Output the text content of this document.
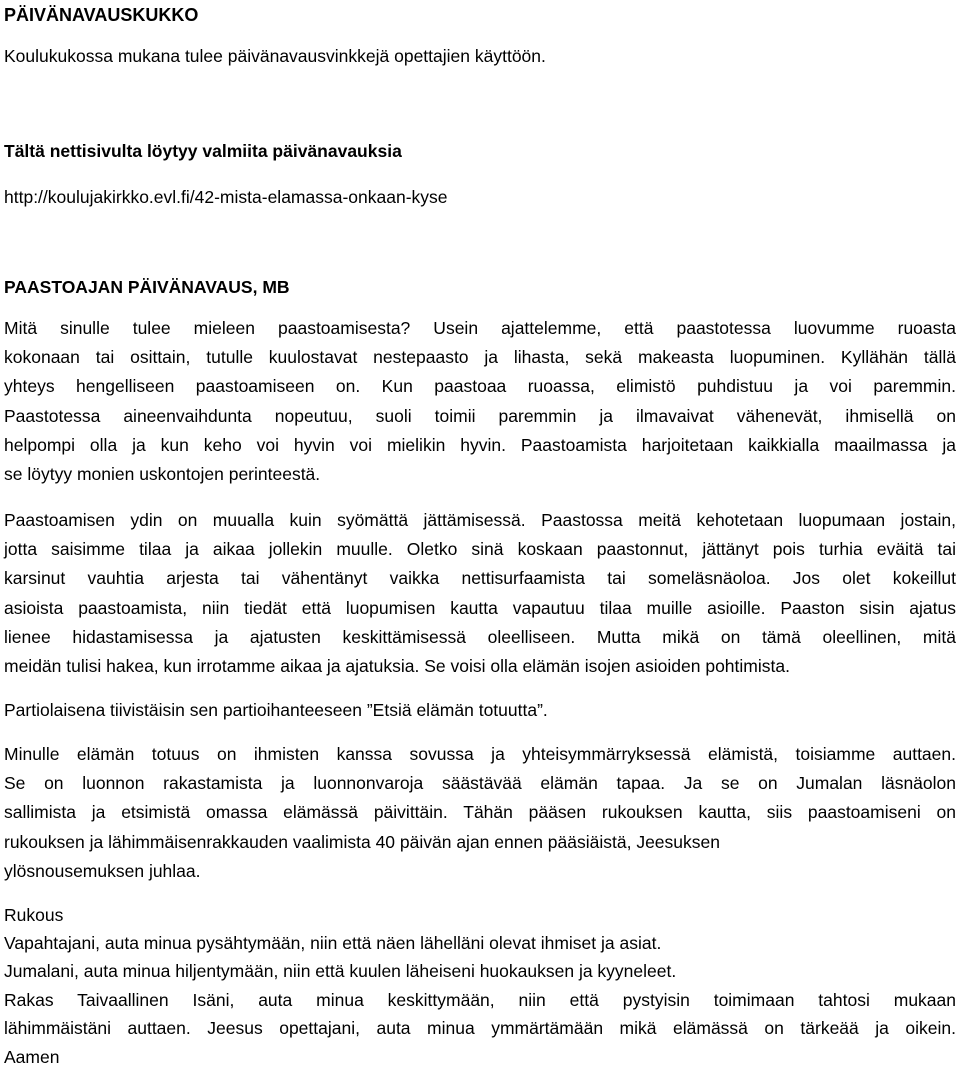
PÄIVÄNAVAUSKUKKO
Koulukukossa mukana tulee päivänavausvinkkejä opettajien käyttöön.
Tältä nettisivulta löytyy valmiita päivänavauksia
http://koulujakirkko.evl.fi/42-mista-elamassa-onkaan-kyse
PAASTOAJAN PÄIVÄNAVAUS, MB
Mitä sinulle tulee mieleen paastoamisesta? Usein ajattelemme, että paastotessa luovumme ruoasta
kokonaan tai osittain, tutulle kuulostavat nestepaasto ja lihasta, sekä makeasta luopuminen. Kyllähän tällä
yhteys hengelliseen paastoamiseen on. Kun paastoaa ruoassa, elimistö puhdistuu ja voi paremmin.
Paastotessa aineenvaihdunta nopeutuu, suoli toimii paremmin ja ilmavaivat vähenevät, ihmisellä on
helpompi olla ja kun keho voi hyvin voi mielikin hyvin. Paastoamista harjoitetaan kaikkialla maailmassa ja
se löytyy monien uskontojen perinteestä.
Paastoamisen ydin on muualla kuin syömättä jättämisessä. Paastossa meitä kehotetaan luopumaan jostain,
jotta saisimme tilaa ja aikaa jollekin muulle. Oletko sinä koskaan paastonnut, jättänyt pois turhia eväitä tai
karsinut vauhtia arjesta tai vähentänyt vaikka nettisurfaamista tai someläsnäoloa. Jos olet kokeillut
asioista paastoamista, niin tiedät että luopumisen kautta vapautuu tilaa muille asioille. Paaston sisin ajatus
lienee hidastamisessa ja ajatusten keskittämisessä oleelliseen. Mutta mikä on tämä oleellinen, mitä
meidän tulisi hakea, kun irrotamme aikaa ja ajatuksia. Se voisi olla elämän isojen asioiden pohtimista.
Partiolaisena tiivistäisin sen partioihanteeseen ”Etsiä elämän totuutta”.
Minulle elämän totuus on ihmisten kanssa sovussa ja yhteisymmärryksessä elämistä, toisiamme auttaen.
Se on luonnon rakastamista ja luonnonvaroja säästävää elämän tapaa. Ja se on Jumalan läsnäolon
sallimista ja etsimistä omassa elämässä päivittäin. Tähän pääsen rukouksen kautta, siis paastoamiseni on
rukouksen ja lähimmäisenrakkauden vaalimista 40 päivän ajan ennen pääsiäistä, Jeesuksen
ylösnousemuksen juhlaa.
Rukous
Vapahtajani, auta minua pysähtymään, niin että näen lähelläni olevat ihmiset ja asiat.
Jumalani, auta minua hiljentymään, niin että kuulen läheiseni huokauksen ja kyyneleet.
Rakas Taivaallinen Isäni, auta minua keskittymään, niin että pystyisin toimimaan tahtosi mukaan
lähimmäistäni auttaen. Jeesus opettajani, auta minua ymmärtämään mikä elämässä on tärkeää ja oikein.
Aamen
